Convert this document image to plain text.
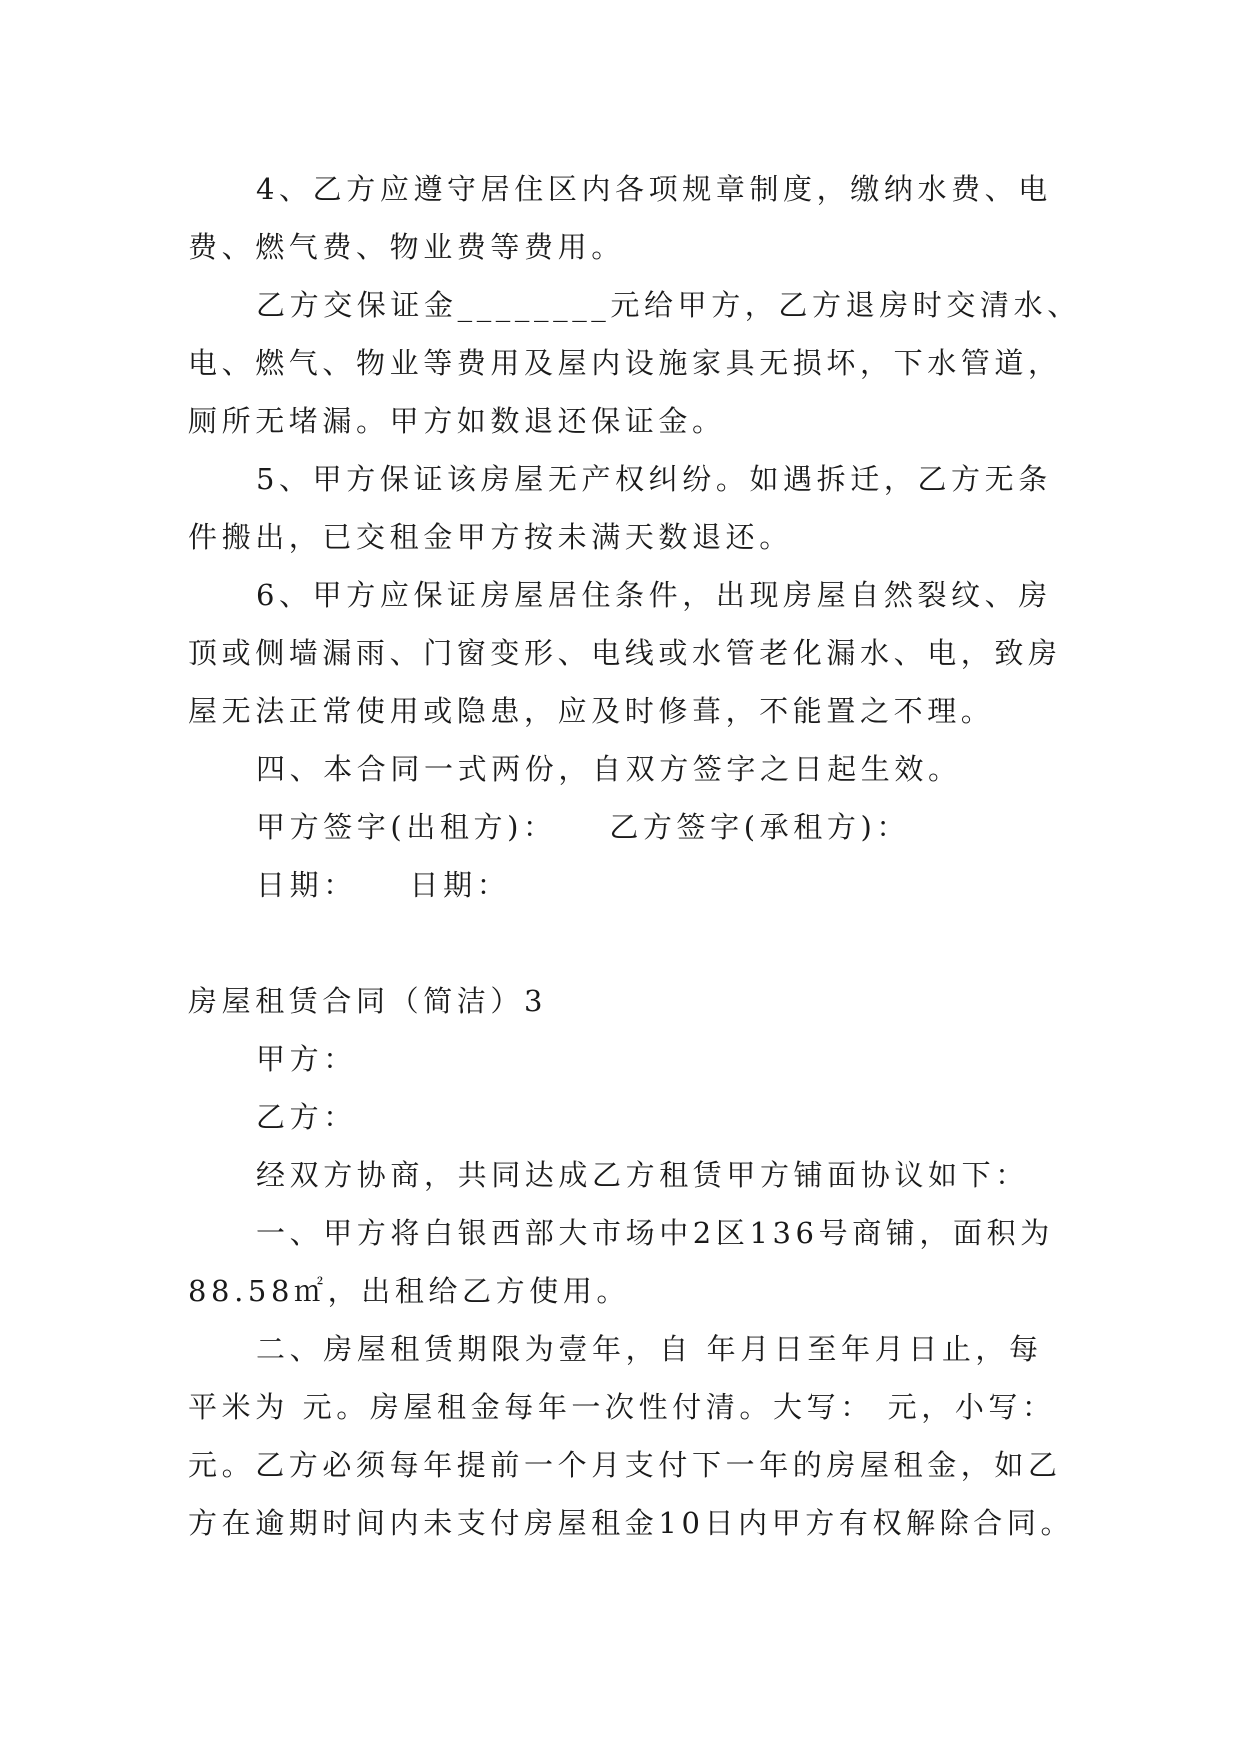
4、乙方应遵守居住区内各项规章制度，缴纳水费、电

费、燃气费、物业费等费用。

乙方交保证金________元给甲方，乙方退房时交清水、

电、燃气、物业等费用及屋内设施家具无损坏，下水管道，

厕所无堵漏。甲方如数退还保证金。

5、甲方保证该房屋无产权纠纷。如遇拆迁，乙方无条

件搬出，已交租金甲方按未满天数退还。

6、甲方应保证房屋居住条件，出现房屋自然裂纹、房

顶或侧墙漏雨、门窗变形、电线或水管老化漏水、电，致房

屋无法正常使用或隐患，应及时修葺，不能置之不理。

四、本合同一式两份，自双方签字之日起生效。

甲方签字(出租方)：　　乙方签字(承租方)：

日期：　　日期：

房屋租赁合同（简洁）3

甲方：

乙方：

经双方协商，共同达成乙方租赁甲方铺面协议如下：

一、甲方将白银西部大市场中2区136号商铺，面积为

88.58㎡，出租给乙方使用。

二、房屋租赁期限为壹年，自 年月日至年月日止，每

平米为 元。房屋租金每年一次性付清。大写： 元，小写：

元。乙方必须每年提前一个月支付下一年的房屋租金，如乙

方在逾期时间内未支付房屋租金10日内甲方有权解除合同。
